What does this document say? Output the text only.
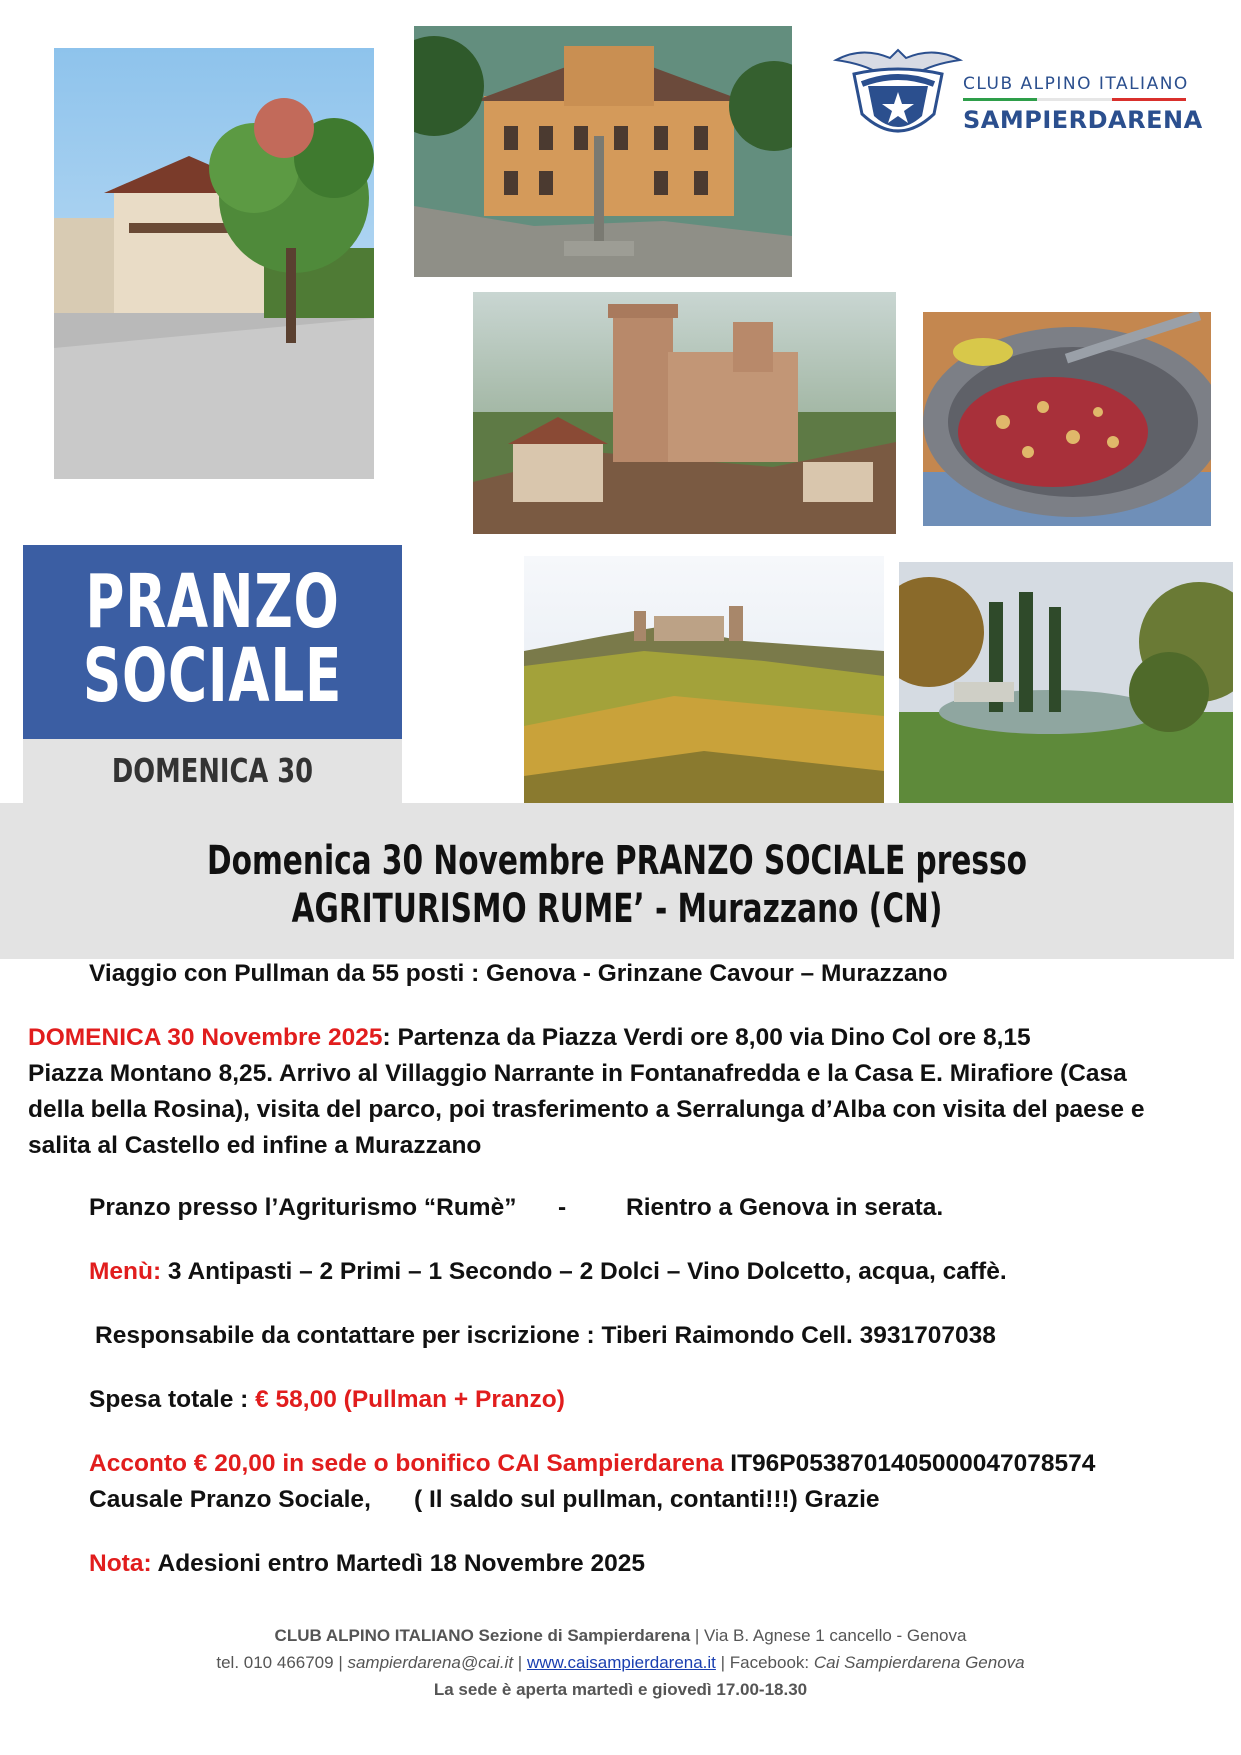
CLUB ALPINO ITALIANO
SAMPIERDARENA
PRANZO
SOCIALE
DOMENICA 30
Domenica 30 Novembre PRANZO SOCIALE presso
AGRITURISMO RUME’ - Murazzano (CN)
Viaggio con Pullman da 55 posti : Genova - Grinzane Cavour – Murazzano
DOMENICA 30 Novembre 2025: Partenza da Piazza Verdi ore 8,00 via Dino Col ore 8,15
Piazza Montano 8,25. Arrivo al Villaggio Narrante in Fontanafredda e la Casa E. Mirafiore (Casa
della bella Rosina), visita del parco, poi trasferimento a Serralunga d’Alba con visita del paese e
salita al Castello ed infine a Murazzano
Pranzo presso l’Agriturismo “Rumè” - Rientro a Genova in serata.
Menù: 3 Antipasti – 2 Primi – 1 Secondo – 2 Dolci – Vino Dolcetto, acqua, caffè.
Responsabile da contattare per iscrizione : Tiberi Raimondo Cell. 3931707038
Spesa totale : € 58,00 (Pullman + Pranzo)
Acconto € 20,00 in sede o bonifico CAI Sampierdarena IT96P0538701405000047078574
Causale Pranzo Sociale, ( Il saldo sul pullman, contanti!!!) Grazie
Nota: Adesioni entro Martedì 18 Novembre 2025
CLUB ALPINO ITALIANO Sezione di Sampierdarena | Via B. Agnese 1 cancello - Genova
tel. 010 466709 | sampierdarena@cai.it | www.caisampierdarena.it | Facebook: Cai Sampierdarena Genova
La sede è aperta martedì e giovedì 17.00-18.30
